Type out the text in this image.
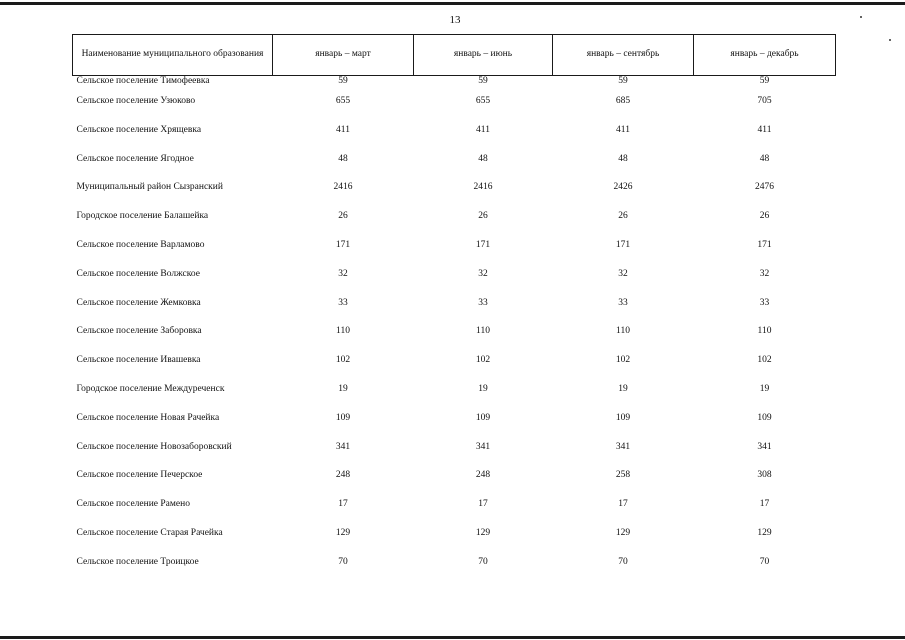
13
Наименование муниципального образования	январь – март	январь – июнь	январь – сентябрь	январь – декабрь
Сельское поселение Тимофеевка	59	59	59	59
Сельское поселение Узюково	655	655	685	705
Сельское поселение Хрящевка	411	411	411	411
Сельское поселение Ягодное	48	48	48	48
Муниципальный район Сызранский	2416	2416	2426	2476
Городское поселение Балашейка	26	26	26	26
Сельское поселение Варламово	171	171	171	171
Сельское поселение Волжское	32	32	32	32
Сельское поселение Жемковка	33	33	33	33
Сельское поселение Заборовка	110	110	110	110
Сельское поселение Ивашевка	102	102	102	102
Городское поселение Междуреченск	19	19	19	19
Сельское поселение Новая Рачейка	109	109	109	109
Сельское поселение Новозаборовский	341	341	341	341
Сельское поселение Печерское	248	248	258	308
Сельское поселение Рамено	17	17	17	17
Сельское поселение Старая Рачейка	129	129	129	129
Сельское поселение Троицкое	70	70	70	70
